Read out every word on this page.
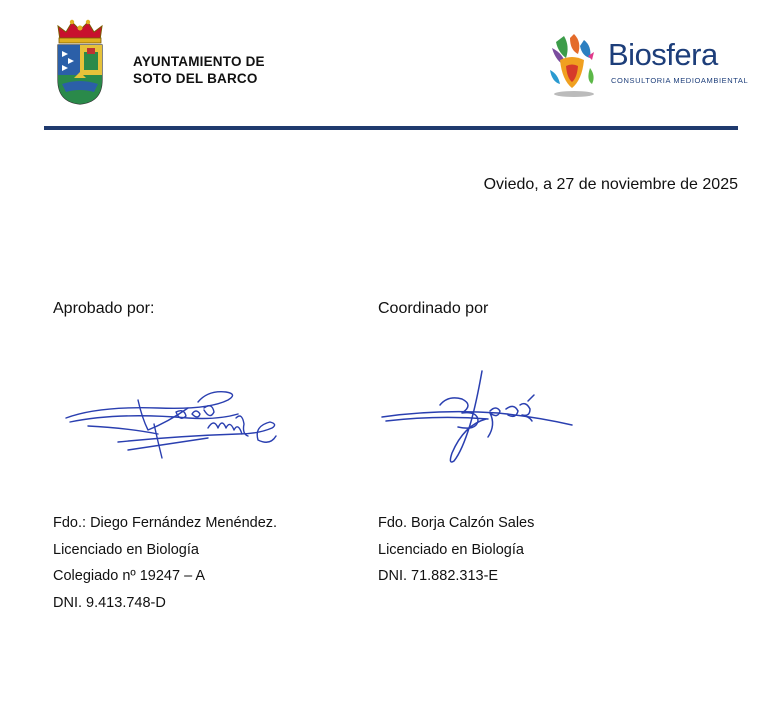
AYUNTAMIENTO DE
SOTO DEL BARCO
Biosfera
CONSULTORIA MEDIOAMBIENTAL
Oviedo, a 27 de noviembre de 2025
Aprobado por:
Fdo.: Diego Fernández Menéndez.
Licenciado en Biología
Colegiado nº 19247 – A
DNI. 9.413.748-D
Coordinado por
Fdo. Borja Calzón Sales
Licenciado en Biología
DNI. 71.882.313-E
